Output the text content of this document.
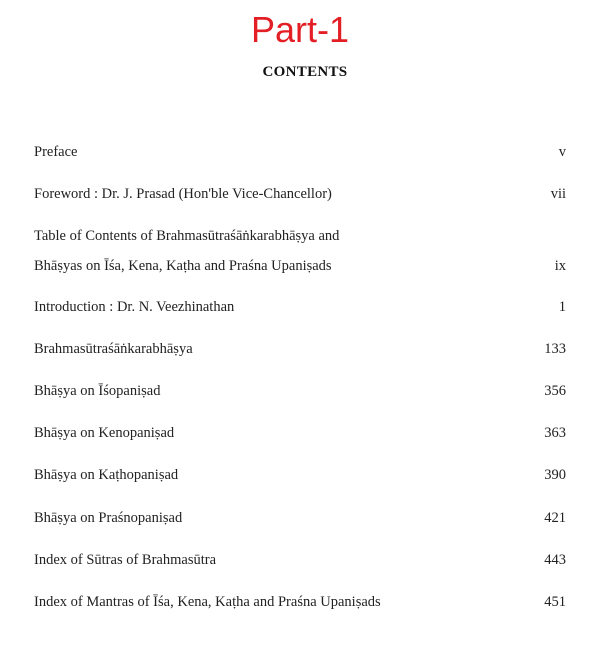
Part-1
CONTENTS
Preface	v
Foreword : Dr. J. Prasad (Hon'ble Vice-Chancellor)	vii
Table of Contents of Brahmasūtraśāṅkarabhāṣya and
Bhāṣyas on Īśa, Kena, Kaṭha and Praśna Upaniṣads	ix
Introduction : Dr. N. Veezhinathan	1
Brahmasūtraśāṅkarabhāṣya	133
Bhāṣya on Īśopaniṣad	356
Bhāṣya on Kenopaniṣad	363
Bhāṣya on Kaṭhopaniṣad	390
Bhāṣya on Praśnopaniṣad	421
Index of Sūtras of Brahmasūtra	443
Index of Mantras of Īśa, Kena, Kaṭha and Praśna Upaniṣads	451
